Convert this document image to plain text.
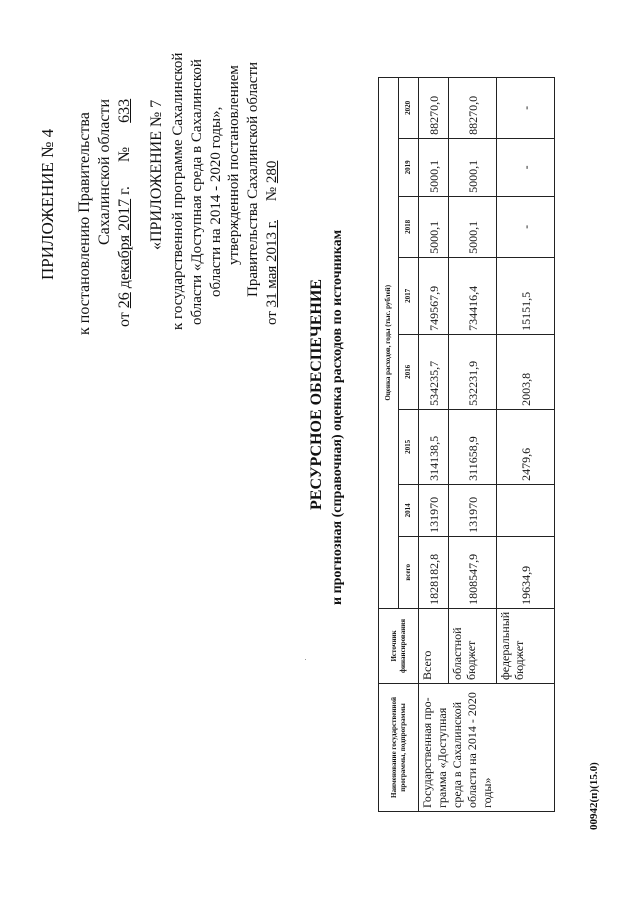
ПРИЛОЖЕНИЕ № 4 к постановлению Правительства Сахалинской области
от 26 декабря 2017 г.      №      633 «ПРИЛОЖЕНИЕ № 7 к государственной программе Сахалинской области «Доступная среда в Сахалинской области на 2014 - 2020 годы», утвержденной постановлением Правительства Сахалинской области
от 31 мая 2013 г.     № 280
РЕСУРСНОЕ ОБЕСПЕЧЕНИЕ и прогнозная (справочная) оценка расходов по источникам
Наименование государственной программы, подпрограммы	Источник финансирования	Оценка расходов, годы (тыс. рублей)							
		всего	2014	2015	2016	2017	2018	2019	2020
Государственная про-грамма «Доступная среда в Сахалинской области на 2014 - 2020 годы»	Всего	1828182,8	131970	314138,5	534235,7	749567,9	5000,1	5000,1	88270,0
	областной бюджет	1808547,9	131970	311658,9	532231,9	734416,4	5000,1	5000,1	88270,0
	федеральный бюджет	19634,9		2479,6	2003,8	15151,5	-	-	-
00942(п)(15.0)
